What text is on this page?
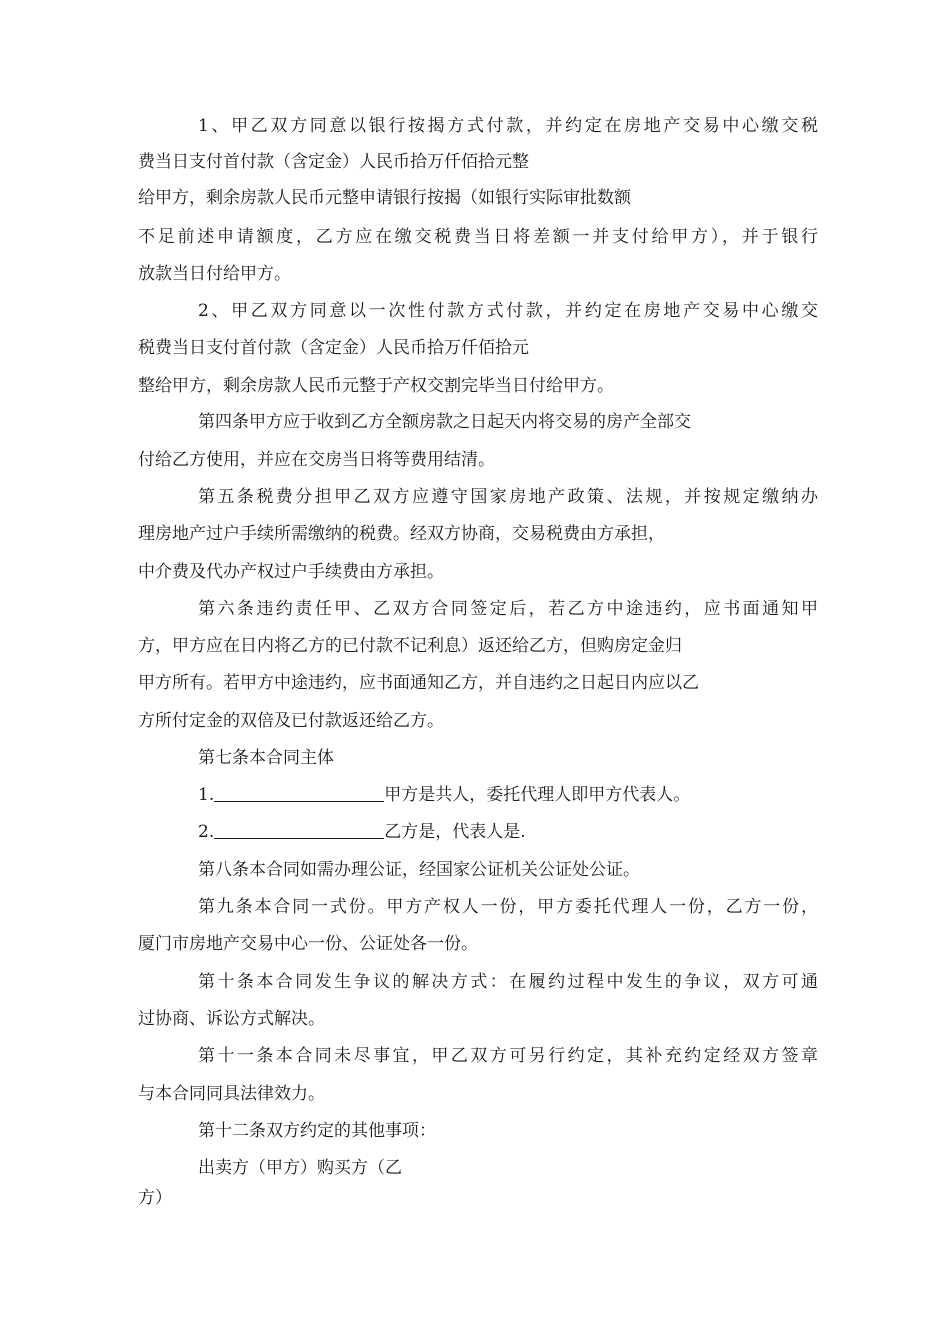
1、甲乙双方同意以银行按揭方式付款，并约定在房地产交易中心缴交税
费当日支付首付款（含定金）人民币拾万仟佰拾元整
给甲方，剩余房款人民币元整申请银行按揭（如银行实际审批数额
不足前述申请额度，乙方应在缴交税费当日将差额一并支付给甲方），并于银行
放款当日付给甲方。
2、甲乙双方同意以一次性付款方式付款，并约定在房地产交易中心缴交
税费当日支付首付款（含定金）人民币拾万仟佰拾元
整给甲方，剩余房款人民币元整于产权交割完毕当日付给甲方。
第四条甲方应于收到乙方全额房款之日起天内将交易的房产全部交
付给乙方使用，并应在交房当日将等费用结清。
第五条税费分担甲乙双方应遵守国家房地产政策、法规，并按规定缴纳办
理房地产过户手续所需缴纳的税费。经双方协商，交易税费由方承担，
中介费及代办产权过户手续费由方承担。
第六条违约责任甲、乙双方合同签定后，若乙方中途违约，应书面通知甲
方，甲方应在日内将乙方的已付款不记利息）返还给乙方，但购房定金归
甲方所有。若甲方中途违约，应书面通知乙方，并自违约之日起日内应以乙
方所付定金的双倍及已付款返还给乙方。
第七条本合同主体
1.	甲方是共人，委托代理人即甲方代表人。
2.	乙方是，代表人是.
第八条本合同如需办理公证，经国家公证机关公证处公证。
第九条本合同一式份。甲方产权人一份，甲方委托代理人一份，乙方一份，
厦门市房地产交易中心一份、公证处各一份。
第十条本合同发生争议的解决方式：在履约过程中发生的争议，双方可通
过协商、诉讼方式解决。
第十一条本合同未尽事宜，甲乙双方可另行约定，其补充约定经双方签章
与本合同同具法律效力。
第十二条双方约定的其他事项：
出卖方（甲方）购买方（乙
方）
